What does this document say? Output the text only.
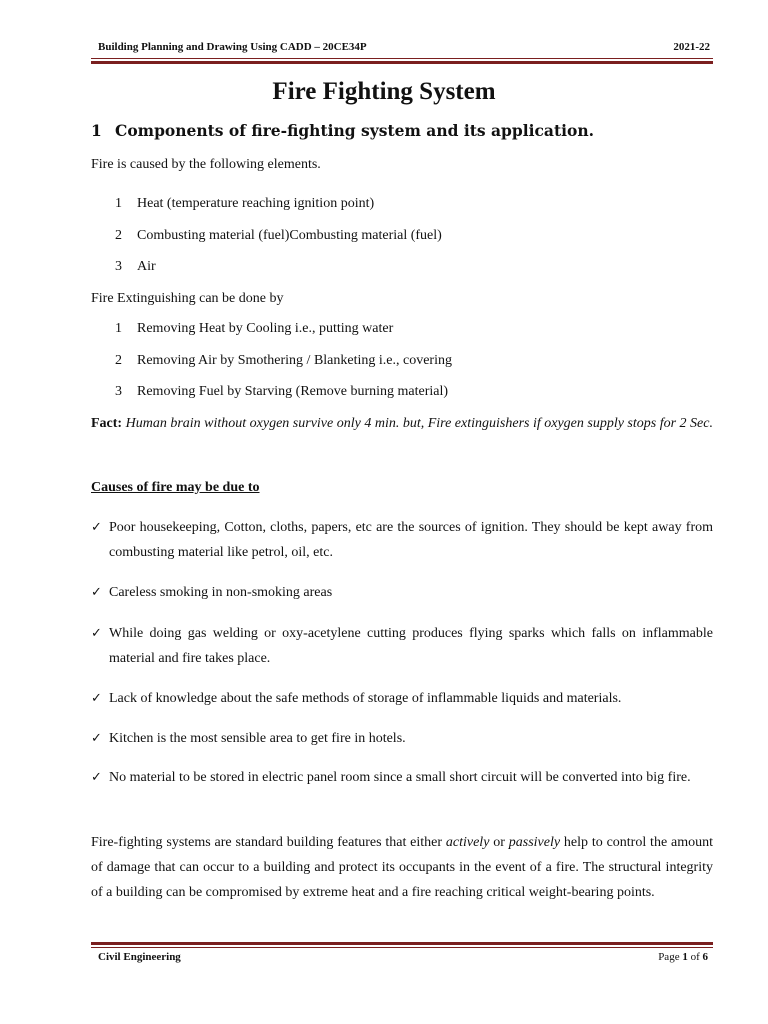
Building Planning and Drawing Using CADD – 20CE34P	2021-22
Fire Fighting System
1 Components of fire-fighting system and its application.
Fire is caused by the following elements.
1 Heat (temperature reaching ignition point)
2 Combusting material (fuel)Combusting material (fuel)
3 Air
Fire Extinguishing can be done by
1 Removing Heat by Cooling i.e., putting water
2 Removing Air by Smothering / Blanketing i.e., covering
3 Removing Fuel by Starving (Remove burning material)
Fact: Human brain without oxygen survive only 4 min. but, Fire extinguishers if oxygen supply stops for 2 Sec.
Causes of fire may be due to
✓ Poor housekeeping, Cotton, cloths, papers, etc are the sources of ignition. They should be kept away from combusting material like petrol, oil, etc.
✓ Careless smoking in non-smoking areas
✓ While doing gas welding or oxy-acetylene cutting produces flying sparks which falls on inflammable material and fire takes place.
✓ Lack of knowledge about the safe methods of storage of inflammable liquids and materials.
✓ Kitchen is the most sensible area to get fire in hotels.
✓ No material to be stored in electric panel room since a small short circuit will be converted into big fire.
Fire-fighting systems are standard building features that either actively or passively help to control the amount of damage that can occur to a building and protect its occupants in the event of a fire. The structural integrity of a building can be compromised by extreme heat and a fire reaching critical weight-bearing points.
Civil Engineering	Page 1 of 6
